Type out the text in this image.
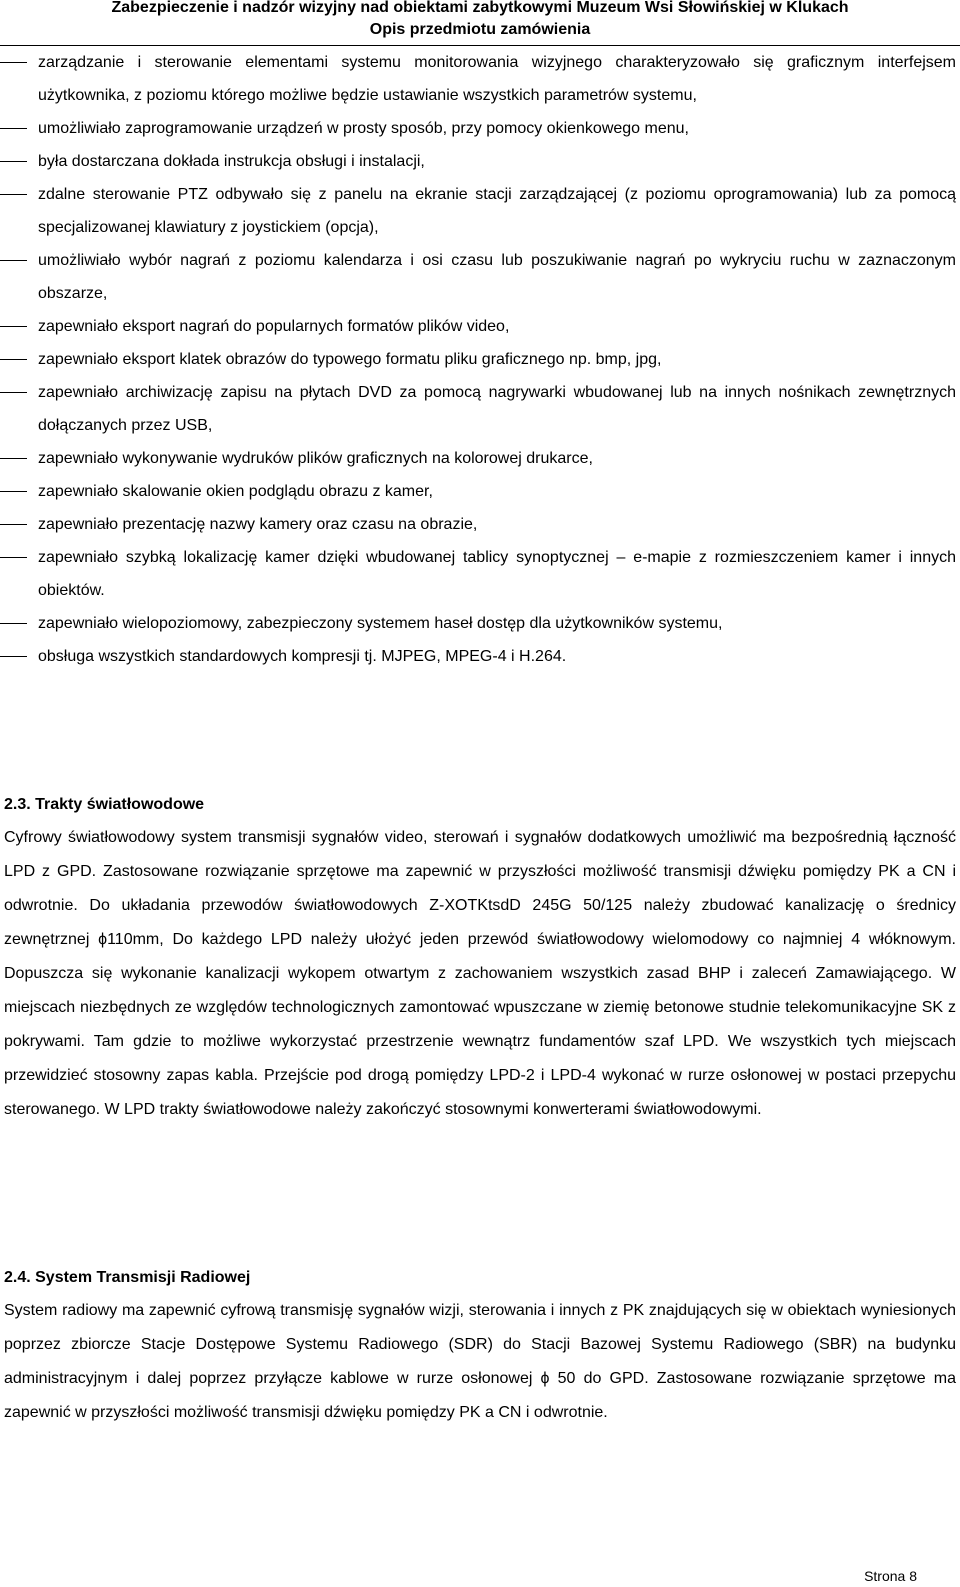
Zabezpieczenie i nadzór wizyjny nad obiektami zabytkowymi Muzeum Wsi Słowińskiej w Klukach
Opis przedmiotu zamówienia
zarządzanie i sterowanie elementami systemu monitorowania wizyjnego charakteryzowało się graficznym interfejsem użytkownika, z poziomu którego możliwe będzie ustawianie wszystkich parametrów systemu,
umożliwiało zaprogramowanie urządzeń w prosty sposób, przy pomocy okienkowego menu,
była dostarczana dokłada instrukcja obsługi i instalacji,
zdalne sterowanie PTZ odbywało się z panelu na ekranie stacji zarządzającej (z poziomu oprogramowania) lub za pomocą specjalizowanej klawiatury z joystickiem (opcja),
umożliwiało wybór nagrań z poziomu kalendarza i osi czasu lub poszukiwanie nagrań po wykryciu ruchu w zaznaczonym obszarze,
zapewniało eksport nagrań do popularnych formatów plików video,
zapewniało eksport klatek obrazów do typowego formatu pliku graficznego np. bmp, jpg,
zapewniało archiwizację zapisu na płytach DVD za pomocą nagrywarki wbudowanej lub na innych nośnikach zewnętrznych dołączanych przez USB,
zapewniało wykonywanie wydruków plików graficznych na kolorowej drukarce,
zapewniało skalowanie okien podglądu obrazu z kamer,
zapewniało prezentację nazwy kamery oraz czasu na obrazie,
zapewniało szybką lokalizację kamer dzięki wbudowanej tablicy synoptycznej – e-mapie z rozmieszczeniem kamer i innych obiektów.
zapewniało wielopoziomowy, zabezpieczony systemem haseł dostęp dla użytkowników systemu,
obsługa wszystkich standardowych kompresji tj. MJPEG, MPEG-4 i H.264.
2.3. Trakty światłowodowe

Cyfrowy światłowodowy system transmisji sygnałów video, sterowań i sygnałów dodatkowych umożliwić ma bezpośrednią łączność LPD z GPD. Zastosowane rozwiązanie sprzętowe ma zapewnić w przyszłości możliwość transmisji dźwięku pomiędzy PK a CN i odwrotnie. Do układania przewodów światłowodowych Z-XOTKtsdD 245G 50/125 należy zbudować kanalizację o średnicy zewnętrznej ϕ110mm, Do każdego LPD należy ułożyć jeden przewód światłowodowy wielomodowy co najmniej 4 włóknowym. Dopuszcza się wykonanie kanalizacji wykopem otwartym z zachowaniem wszystkich zasad BHP i zaleceń Zamawiającego. W miejscach niezbędnych ze względów technologicznych zamontować wpuszczane w ziemię betonowe studnie telekomunikacyjne SK z pokrywami. Tam gdzie to możliwe wykorzystać przestrzenie wewnątrz fundamentów szaf LPD. We wszystkich tych miejscach przewidzieć stosowny zapas kabla. Przejście pod drogą pomiędzy LPD-2 i LPD-4 wykonać w rurze osłonowej w postaci przepychu sterowanego. W LPD trakty światłowodowe należy zakończyć stosownymi konwerterami światłowodowymi.

2.4. System Transmisji Radiowej

System radiowy ma zapewnić cyfrową transmisję sygnałów wizji, sterowania i innych z PK znajdujących się w obiektach wyniesionych poprzez zbiorcze Stacje Dostępowe Systemu Radiowego (SDR) do Stacji Bazowej Systemu Radiowego (SBR) na budynku administracyjnym i dalej poprzez przyłącze kablowe w rurze osłonowej ϕ 50 do GPD. Zastosowane rozwiązanie sprzętowe ma zapewnić w przyszłości możliwość transmisji dźwięku pomiędzy PK a CN i odwrotnie.

Strona 8
